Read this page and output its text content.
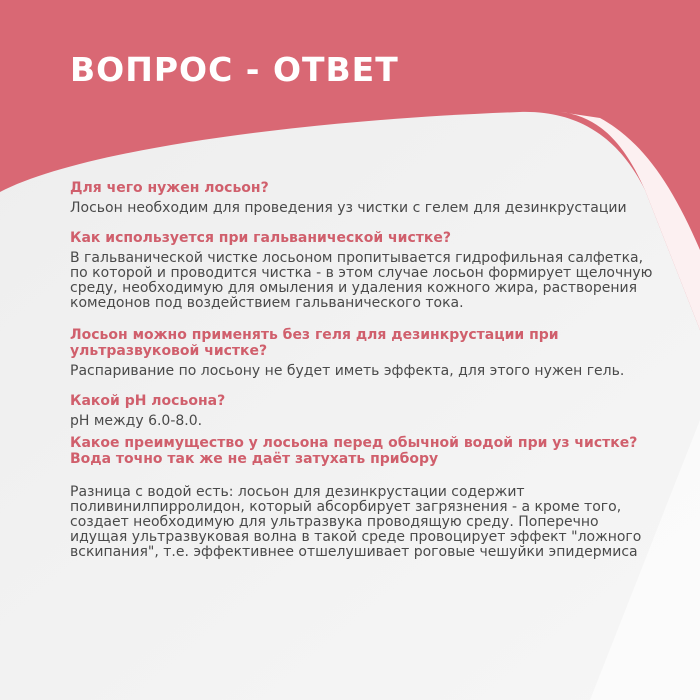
ВОПРОС - ОТВЕТ

Для чего нужен лосьон?

Лосьон необходим для проведения уз чистки с гелем для дезинкрустации

Как используется при гальванической чистке?

В гальванической чистке лосьоном пропитывается гидрофильная салфетка, по которой и проводится чистка - в этом случае лосьон формирует щелочную среду, необходимую для омыления и удаления кожного жира, растворения комедонов под воздействием гальванического тока.

Лосьон можно применять без геля для дезинкрустации при ультразвуковой чистке?

Распаривание по лосьону не будет иметь эффекта, для этого нужен гель.

Какой pH лосьона?

pH между 6.0-8.0.

Какое преимущество у лосьона перед обычной водой при уз чистке? Вода точно так же не даёт затухать прибору

Разница с водой есть: лосьон для дезинкрустации содержит поливинилпирролидон, который абсорбирует загрязнения - а кроме того, создает необходимую для ультразвука проводящую среду. Поперечно идущая ультразвуковая волна в такой среде провоцирует эффект "ложного вскипания", т.е. эффективнее отшелушивает роговые чешуйки эпидермиса
